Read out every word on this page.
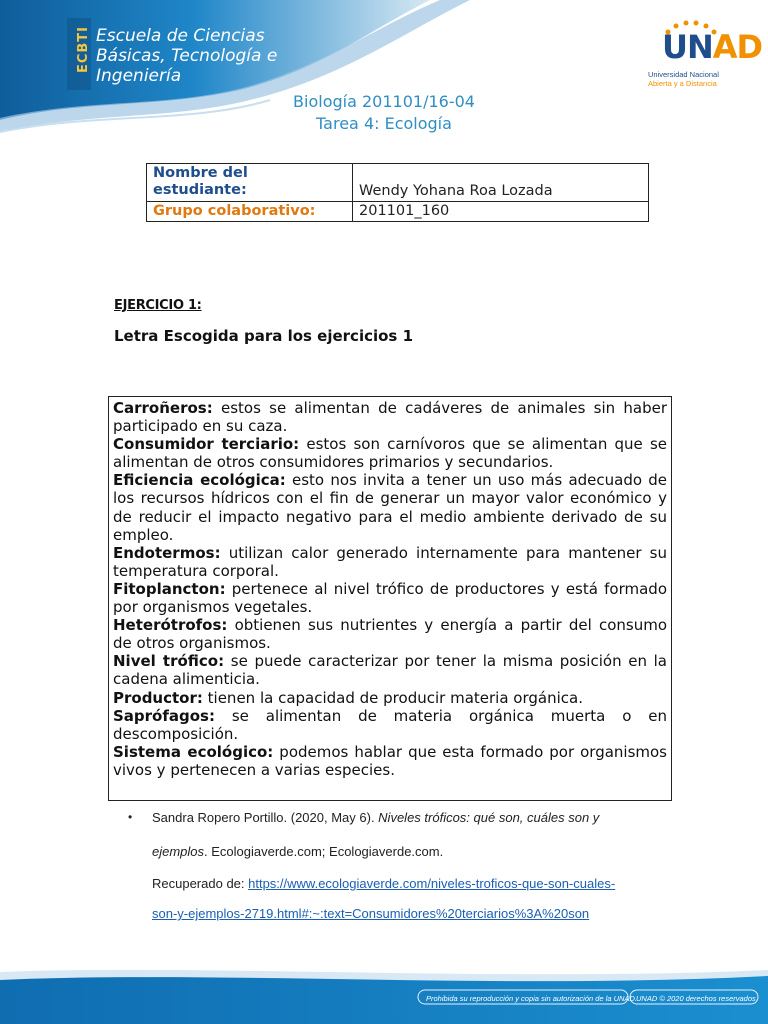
ECBTI Escuela de Ciencias
Básicas, Tecnología e
Ingeniería
UNAD
Universidad Nacional
Abierta y a Distancia
Biología 201101/16-04
Tarea 4: Ecología
Nombre del estudiante:	Wendy Yohana Roa Lozada
Grupo colaborativo:	201101_160
EJERCICIO 1:
Letra Escogida para los ejercicios 1

Carroñeros: estos se alimentan de cadáveres de animales sin haber participado en su caza.

Consumidor terciario: estos son carnívoros que se alimentan que se alimentan de otros consumidores primarios y secundarios.

Eficiencia ecológica: esto nos invita a tener un uso más adecuado de los recursos hídricos con el fin de generar un mayor valor económico y de reducir el impacto negativo para el medio ambiente derivado de su empleo.

Endotermos: utilizan calor generado internamente para mantener su temperatura corporal.

Fitoplancton: pertenece al nivel trófico de productores y está formado por organismos vegetales.

Heterótrofos: obtienen sus nutrientes y energía a partir del consumo de otros organismos.

Nivel trófico: se puede caracterizar por tener la misma posición en la cadena alimenticia.

Productor: tienen la capacidad de producir materia orgánica.

Saprófagos: se alimentan de materia orgánica muerta o en descomposición.

Sistema ecológico: podemos hablar que esta formado por organismos vivos y pertenecen a varias especies.

• Sandra Ropero Portillo. (2020, May 6). Niveles tróficos: qué son, cuáles son y
ejemplos. Ecologiaverde.com; Ecologiaverde.com.
Recuperado de: https://www.ecologiaverde.com/niveles-troficos-que-son-cuales-
son-y-ejemplos-2719.html#:~:text=Consumidores%20terciarios%3A%20son
Prohibida su reproducción y copia sin autorización de la UNAD. UNAD © 2020 derechos reservados
